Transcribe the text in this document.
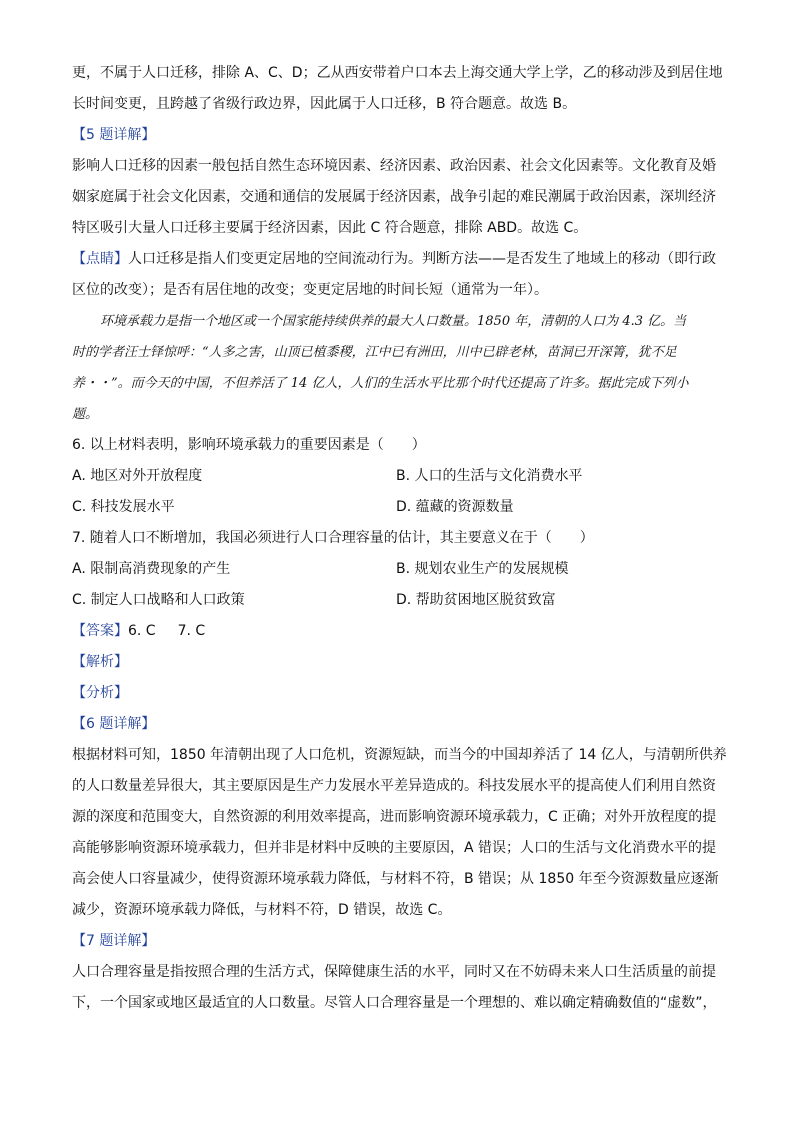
更，不属于人口迁移，排除 A、C、D；乙从西安带着户口本去上海交通大学上学，乙的移动涉及到居住地
长时间变更，且跨越了省级行政边界，因此属于人口迁移，B 符合题意。故选 B。
【5 题详解】
影响人口迁移的因素一般包括自然生态环境因素、经济因素、政治因素、社会文化因素等。文化教育及婚
姻家庭属于社会文化因素，交通和通信的发展属于经济因素，战争引起的难民潮属于政治因素，深圳经济
特区吸引大量人口迁移主要属于经济因素，因此 C 符合题意，排除 ABD。故选 C。
【点睛】人口迁移是指人们变更定居地的空间流动行为。判断方法——是否发生了地域上的移动（即行政
区位的改变）；是否有居住地的改变；变更定居地的时间长短（通常为一年）。
环境承载力是指一个地区或一个国家能持续供养的最大人口数量。1850 年，清朝的人口为 4.3 亿。当
时的学者汪士铎惊呼：“人多之害，山顶已植黍稷，江中已有洲田，川中已辟老林，苗洞已开深箐，犹不足
养・・”。而今天的中国，不但养活了 14 亿人，人们的生活水平比那个时代还提高了许多。据此完成下列小
题。
6. 以上材料表明，影响环境承载力的重要因素是（　　）
A. 地区对外开放程度	B. 人口的生活与文化消费水平
C. 科技发展水平	D. 蕴藏的资源数量
7. 随着人口不断增加，我国必须进行人口合理容量的估计，其主要意义在于（　　）
A. 限制高消费现象的产生	B. 规划农业生产的发展规模
C. 制定人口战略和人口政策	D. 帮助贫困地区脱贫致富
【答案】6. C 7. C
【解析】
【分析】
【6 题详解】
根据材料可知，1850 年清朝出现了人口危机，资源短缺，而当今的中国却养活了 14 亿人，与清朝所供养
的人口数量差异很大，其主要原因是生产力发展水平差异造成的。科技发展水平的提高使人们利用自然资
源的深度和范围变大，自然资源的利用效率提高，进而影响资源环境承载力，C 正确；对外开放程度的提
高能够影响资源环境承载力，但并非是材料中反映的主要原因，A 错误；人口的生活与文化消费水平的提
高会使人口容量减少，使得资源环境承载力降低，与材料不符，B 错误；从 1850 年至今资源数量应逐渐
减少，资源环境承载力降低，与材料不符，D 错误，故选 C。
【7 题详解】
人口合理容量是指按照合理的生活方式，保障健康生活的水平，同时又在不妨碍未来人口生活质量的前提
下，一个国家或地区最适宜的人口数量。尽管人口合理容量是一个理想的、难以确定精确数值的“虚数”，
